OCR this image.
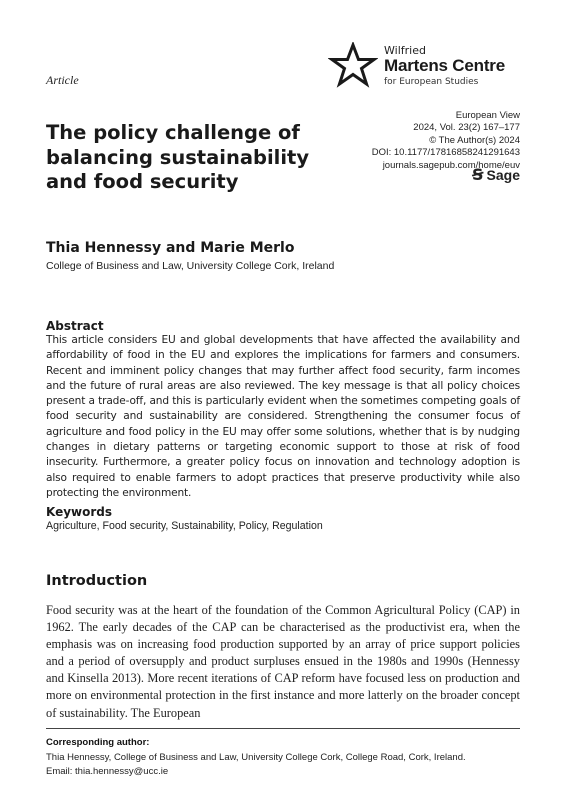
Wilfried
Martens Centre
for European Studies
Article
The policy challenge of balancing sustainability and food security
European View
2024, Vol. 23(2) 167–177
© The Author(s) 2024
DOI: 10.1177/17816858241291643
journals.sagepub.com/home/euv
Ꞩ Sage
Thia Hennessy and Marie Merlo
College of Business and Law, University College Cork, Ireland
Abstract
This article considers EU and global developments that have affected the availability and affordability of food in the EU and explores the implications for farmers and consumers. Recent and imminent policy changes that may further affect food security, farm incomes and the future of rural areas are also reviewed. The key message is that all policy choices present a trade-off, and this is particularly evident when the sometimes competing goals of food security and sustainability are considered. Strengthening the consumer focus of agriculture and food policy in the EU may offer some solutions, whether that is by nudging changes in dietary patterns or targeting economic support to those at risk of food insecurity. Furthermore, a greater policy focus on innovation and technology adoption is also required to enable farmers to adopt practices that preserve productivity while also protecting the environment.
Keywords
Agriculture, Food security, Sustainability, Policy, Regulation
Introduction
Food security was at the heart of the foundation of the Common Agricultural Policy (CAP) in 1962. The early decades of the CAP can be characterised as the productivist era, when the emphasis was on increasing food production supported by an array of price support policies and a period of oversupply and product surpluses ensued in the 1980s and 1990s (Hennessy and Kinsella 2013). More recent iterations of CAP reform have focused less on production and more on environmental protection in the first instance and more latterly on the broader concept of sustainability. The European
Corresponding author:
Thia Hennessy, College of Business and Law, University College Cork, College Road, Cork, Ireland.
Email: thia.hennessy@ucc.ie
